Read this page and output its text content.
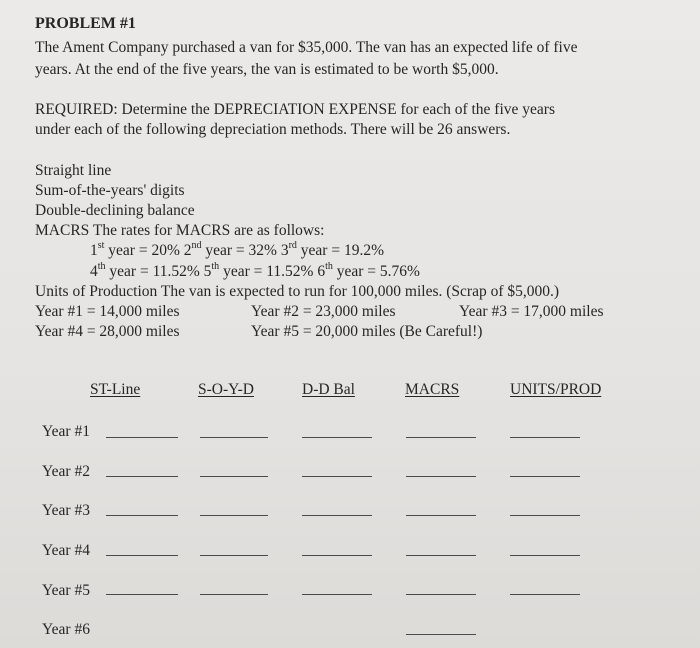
PROBLEM #1
The Ament Company purchased a van for $35,000. The van has an expected life of five
years. At the end of the five years, the van is estimated to be worth $5,000.
REQUIRED: Determine the DEPRECIATION EXPENSE for each of the five years
under each of the following depreciation methods. There will be 26 answers.
Straight line
Sum-of-the-years' digits
Double-declining balance
MACRS The rates for MACRS are as follows:
1st year = 20% 2nd year = 32% 3rd year = 19.2%
4th year = 11.52% 5th year = 11.52% 6th year = 5.76%
Units of Production The van is expected to run for 100,000 miles. (Scrap of $5,000.)
Year #1 = 14,000 miles	Year #2 = 23,000 miles	Year #3 = 17,000 miles
Year #4 = 28,000 miles	Year #5 = 20,000 miles (Be Careful!)
ST-Line	S-O-Y-D	D-D Bal	MACRS	UNITS/PROD
Year #1
Year #2
Year #3
Year #4
Year #5
Year #6
